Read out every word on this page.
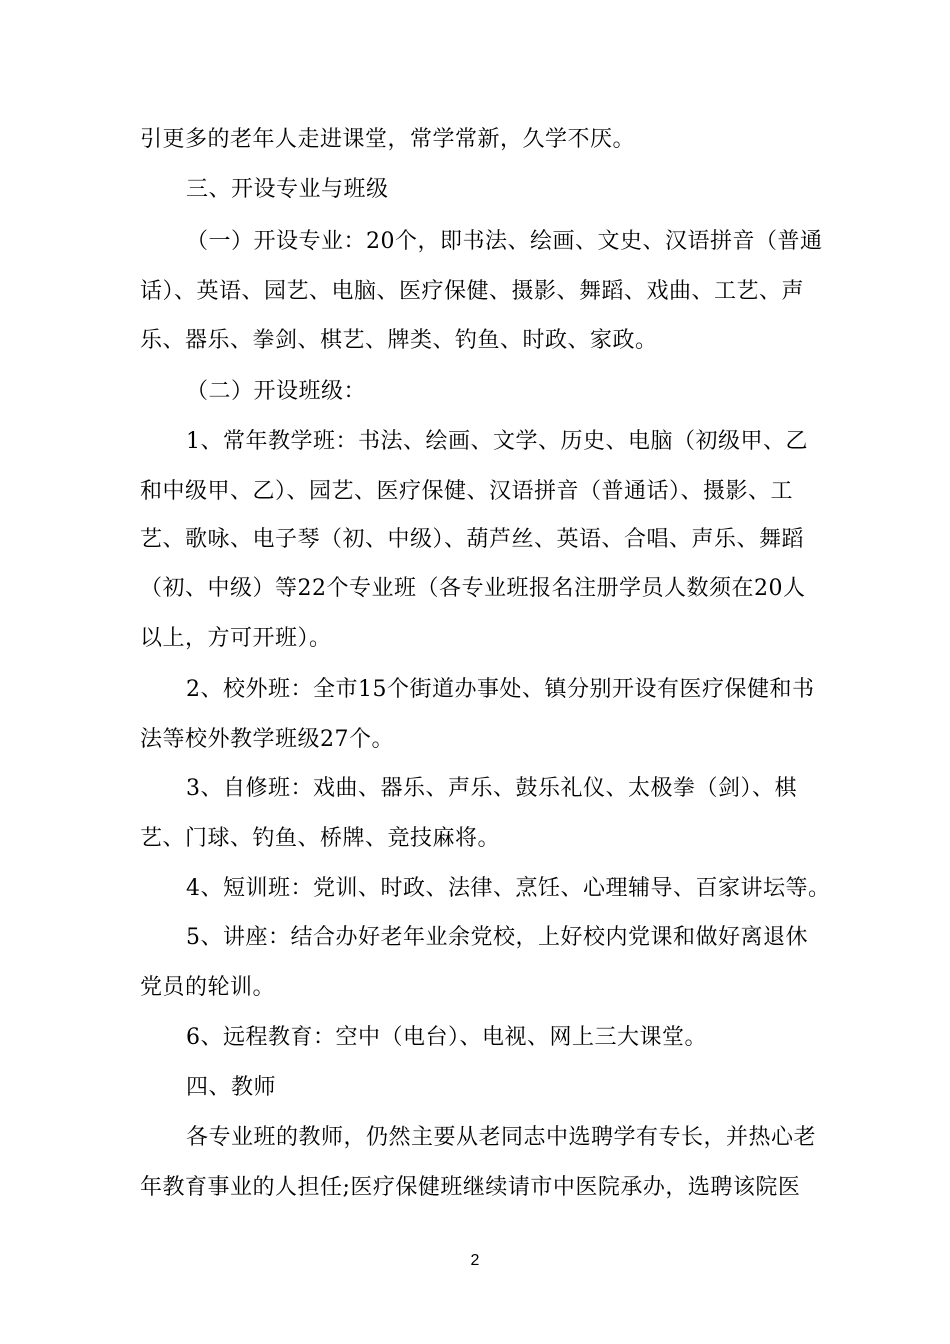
引更多的老年人走进课堂，常学常新，久学不厌。
三、开设专业与班级
（一）开设专业：20个，即书法、绘画、文史、汉语拼音（普通
话）、英语、园艺、电脑、医疗保健、摄影、舞蹈、戏曲、工艺、声
乐、器乐、拳剑、棋艺、牌类、钓鱼、时政、家政。
（二）开设班级：
1、常年教学班：书法、绘画、文学、历史、电脑（初级甲、乙
和中级甲、乙）、园艺、医疗保健、汉语拼音（普通话）、摄影、工
艺、歌咏、电子琴（初、中级）、葫芦丝、英语、合唱、声乐、舞蹈
（初、中级）等22个专业班（各专业班报名注册学员人数须在20人
以上，方可开班）。
2、校外班：全市15个街道办事处、镇分别开设有医疗保健和书
法等校外教学班级27个。
3、自修班：戏曲、器乐、声乐、鼓乐礼仪、太极拳（剑）、棋
艺、门球、钓鱼、桥牌、竞技麻将。
4、短训班：党训、时政、法律、烹饪、心理辅导、百家讲坛等。
5、讲座：结合办好老年业余党校，上好校内党课和做好离退休
党员的轮训。
6、远程教育：空中（电台）、电视、网上三大课堂。
四、教师
各专业班的教师，仍然主要从老同志中选聘学有专长，并热心老
年教育事业的人担任;医疗保健班继续请市中医院承办，选聘该院医
2
